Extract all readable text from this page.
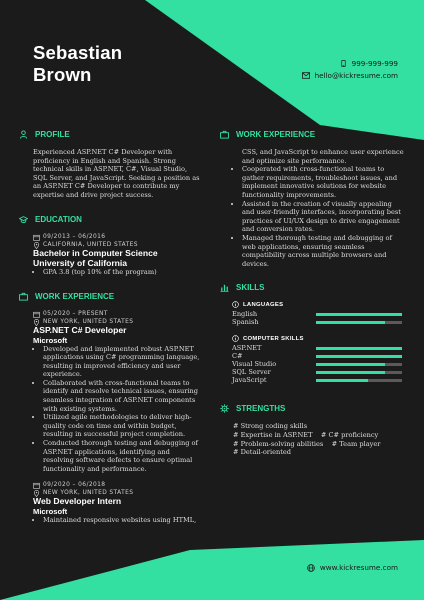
Sebastian
Brown
999-999-999
hello@kickresume.com
PROFILE
Experienced ASP.NET C# Developer with
proficiency in English and Spanish. Strong
technical skills in ASP.NET, C#, Visual Studio,
SQL Server, and JavaScript. Seeking a position as
an ASP.NET C# Developer to contribute my
expertise and drive project success.
EDUCATION
09/2013 – 06/2016
CALIFORNIA, UNITED STATES
Bachelor in Computer Science
University of California
• GPA 3.8 (top 10% of the program)
WORK EXPERIENCE
05/2020 – PRESENT
NEW YORK, UNITED STATES
ASP.NET C# Developer
Microsoft
• Developed and implemented robust ASP.NET
applications using C# programming language,
resulting in improved efficiency and user
experience.
• Collaborated with cross-functional teams to
identify and resolve technical issues, ensuring
seamless integration of ASP.NET components
with existing systems.
• Utilized agile methodologies to deliver high-
quality code on time and within budget,
resulting in successful project completion.
• Conducted thorough testing and debugging of
ASP.NET applications, identifying and
resolving software defects to ensure optimal
functionality and performance.
09/2020 – 06/2018
NEW YORK, UNITED STATES
Web Developer Intern
Microsoft
• Maintained responsive websites using HTML,
WORK EXPERIENCE
CSS, and JavaScript to enhance user experience
and optimize site performance.
• Cooperated with cross-functional teams to
gather requirements, troubleshoot issues, and
implement innovative solutions for website
functionality improvements.
• Assisted in the creation of visually appealing
and user-friendly interfaces, incorporating best
practices of UI/UX design to drive engagement
and conversion rates.
• Managed thorough testing and debugging of
web applications, ensuring seamless
compatibility across multiple browsers and
devices.
SKILLS
LANGUAGES
English
Spanish
COMPUTER SKILLS
ASP.NET
C#
Visual Studio
SQL Server
JavaScript
STRENGTHS
# Strong coding skills
# Expertise in ASP.NET # C# proficiency
# Problem-solving abilities # Team player
# Detail-oriented
www.kickresume.com
